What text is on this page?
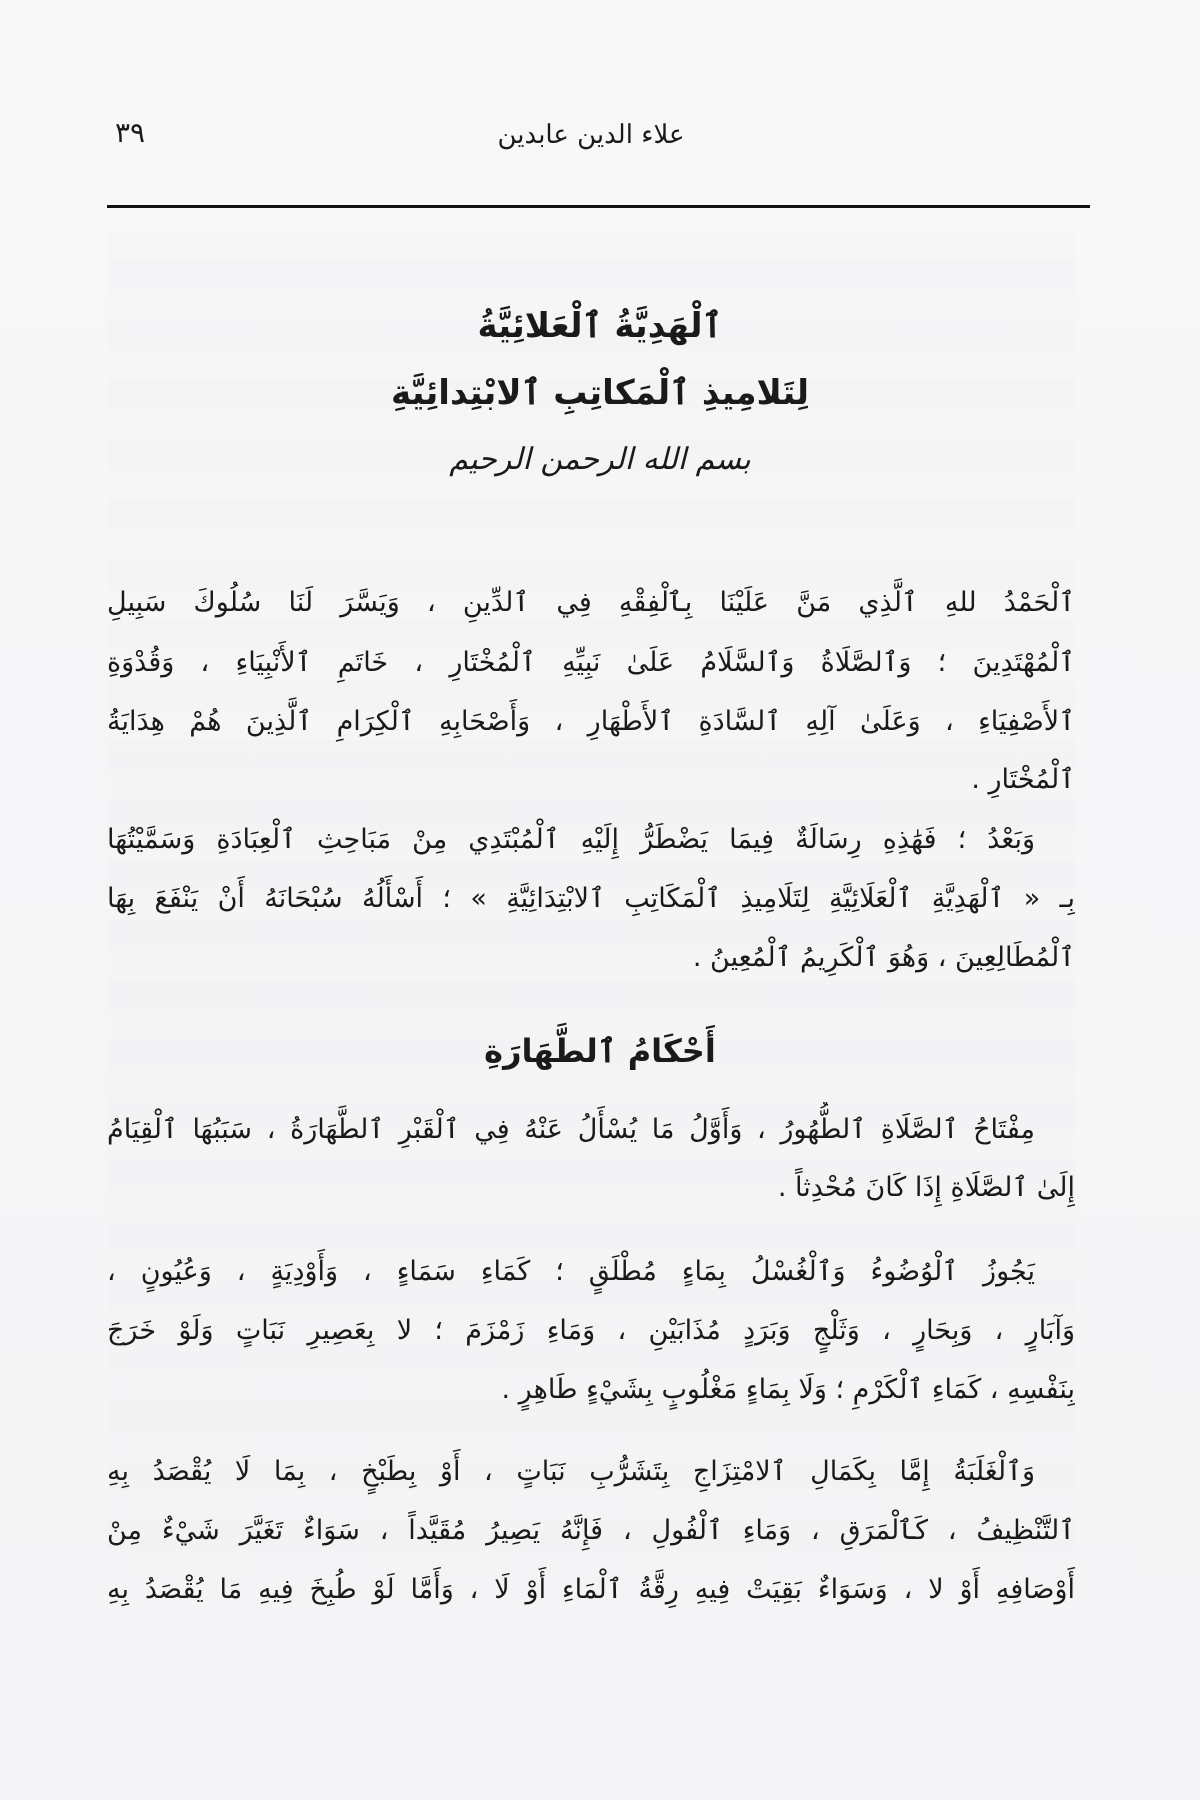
علاء الدين عابدين
٣٩
ٱلْهَدِيَّةُ ٱلْعَلائِيَّةُ
لِتَلامِيذِ ٱلْمَكاتِبِ ٱلابْتِدائِيَّةِ
بسم الله الرحمن الرحيم
ٱلْحَمْدُ للهِ ٱلَّذِي مَنَّ عَلَيْنَا بِٱلْفِقْهِ فِي ٱلدِّينِ ، وَيَسَّرَ لَنَا سُلُوكَ سَبِيلِ
ٱلْمُهْتَدِينَ ؛ وَٱلصَّلَاةُ وَٱلسَّلَامُ عَلَىٰ نَبِيِّهِ ٱلْمُخْتَارِ ، خَاتَمِ ٱلأَنْبِيَاءِ ، وَقُدْوَةِ
ٱلأَصْفِيَاءِ ، وَعَلَىٰ آلِهِ ٱلسَّادَةِ ٱلأَطْهَارِ ، وَأَصْحَابِهِ ٱلْكِرَامِ ٱلَّذِينَ هُمْ هِدَايَةُ
ٱلْمُخْتَارِ .
وَبَعْدُ ؛ فَهَٰذِهِ رِسَالَةٌ فِيمَا يَضْطَرُّ إِلَيْهِ ٱلْمُبْتَدِي مِنْ مَبَاحِثِ ٱلْعِبَادَةِ وَسَمَّيْتُهَا
بِـ « ٱلْهَدِيَّةِ ٱلْعَلَائِيَّةِ لِتَلَامِيذِ ٱلْمَكَاتِبِ ٱلابْتِدَائِيَّةِ » ؛ أَسْأَلُهُ سُبْحَانَهُ أَنْ يَنْفَعَ بِهَا
ٱلْمُطَالِعِينَ ، وَهُوَ ٱلْكَرِيمُ ٱلْمُعِينُ .
أَحْكَامُ ٱلطَّهَارَةِ
مِفْتَاحُ ٱلصَّلَاةِ ٱلطُّهُورُ ، وَأَوَّلُ مَا يُسْأَلُ عَنْهُ فِي ٱلْقَبْرِ ٱلطَّهَارَةُ ، سَبَبُهَا ٱلْقِيَامُ
إِلَىٰ ٱلصَّلَاةِ إِذَا كَانَ مُحْدِثاً .
يَجُوزُ ٱلْوُضُوءُ وَٱلْغُسْلُ بِمَاءٍ مُطْلَقٍ ؛ كَمَاءِ سَمَاءٍ ، وَأَوْدِيَةٍ ، وَعُيُونٍ ،
وَآبَارٍ ، وَبِحَارٍ ، وَثَلْجٍ وَبَرَدٍ مُذَابَيْنِ ، وَمَاءِ زَمْزَمَ ؛ لا بِعَصِيرِ نَبَاتٍ وَلَوْ خَرَجَ
بِنَفْسِهِ ، كَمَاءِ ٱلْكَرْمِ ؛ وَلَا بِمَاءٍ مَغْلُوبٍ بِشَيْءٍ طَاهِرٍ .
وَٱلْغَلَبَةُ إِمَّا بِكَمَالِ ٱلامْتِزَاجِ بِتَشَرُّبِ نَبَاتٍ ، أَوْ بِطَبْخٍ ، بِمَا لَا يُقْصَدُ بِهِ
ٱلتَّنْظِيفُ ، كَٱلْمَرَقِ ، وَمَاءِ ٱلْفُولِ ، فَإِنَّهُ يَصِيرُ مُقَيَّداً ، سَوَاءٌ تَغَيَّرَ شَيْءٌ مِنْ
أَوْصَافِهِ أَوْ لا ، وَسَوَاءٌ بَقِيَتْ فِيهِ رِقَّةُ ٱلْمَاءِ أَوْ لَا ، وَأَمَّا لَوْ طُبِخَ فِيهِ مَا يُقْصَدُ بِهِ
